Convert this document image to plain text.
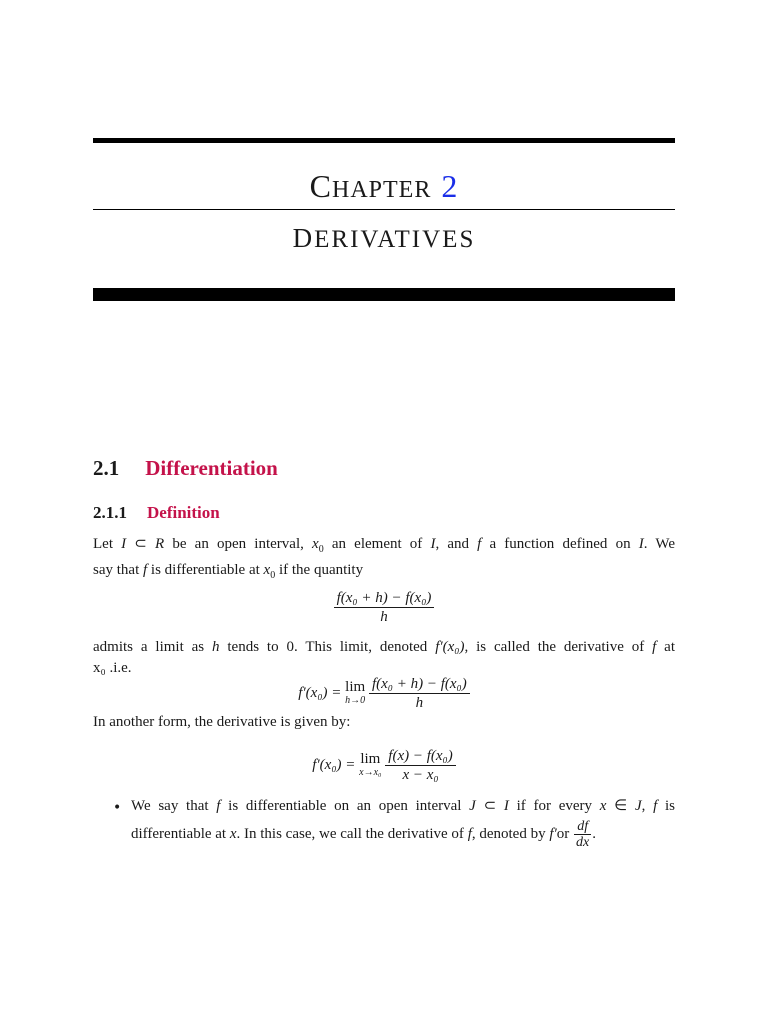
CHAPTER 2
DERIVATIVES
2.1 Differentiation
2.1.1 Definition
Let I ⊂ R be an open interval, $x_0$ an element of I, and f a function defined on I. We
say that f is differentiable at $x_0$ if the quantity
$\frac{\text{f(x₀ + h) − f(x₀)}}{h}$
admits a limit as h tends to 0. This limit, denoted f′(x₀), is called the derivative of f at
x₀ .i.e.
f′(x₀) = lim
h→0
$\frac{\text{f(x₀ + h) − f(x₀)}}{h}$
In another form, the derivative is given by:
f′(x₀) = lim
x→x₀
$\frac{\text{f(x) − f(x₀)}}{\text{x − x₀}}$
• We say that f is differentiable on an open interval J ⊂ I if for every x ∈ J, f is
differentiable at x. In this case, we call the derivative of f, denoted by $f'or \frac{df}{dx}$ .
